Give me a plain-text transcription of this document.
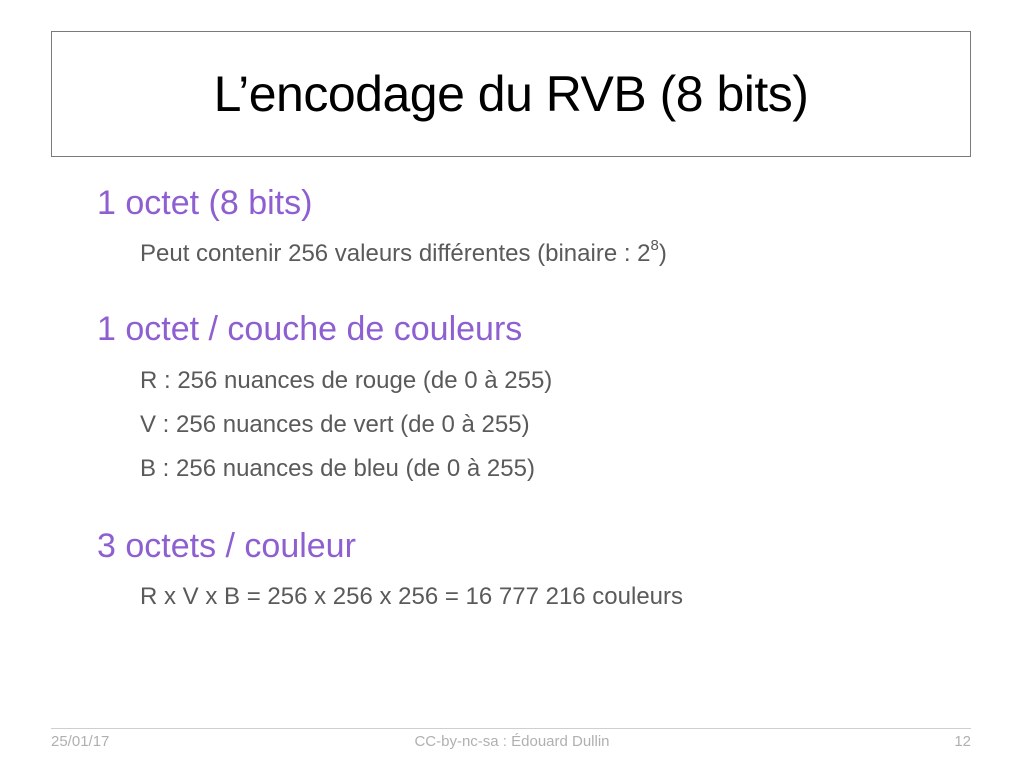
L’encodage du RVB (8 bits)

1 octet (8 bits)

Peut contenir 256 valeurs différentes (binaire : $2^8$)

1 octet / couche de couleurs

R : 256 nuances de rouge (de 0 à 255)

V : 256 nuances de vert (de 0 à 255)

B : 256 nuances de bleu (de 0 à 255)

3 octets / couleur

R x V x B = 256 x 256 x 256 = 16 777 216 couleurs

25/01/17	CC-by-nc-sa : Édouard Dullin	12
